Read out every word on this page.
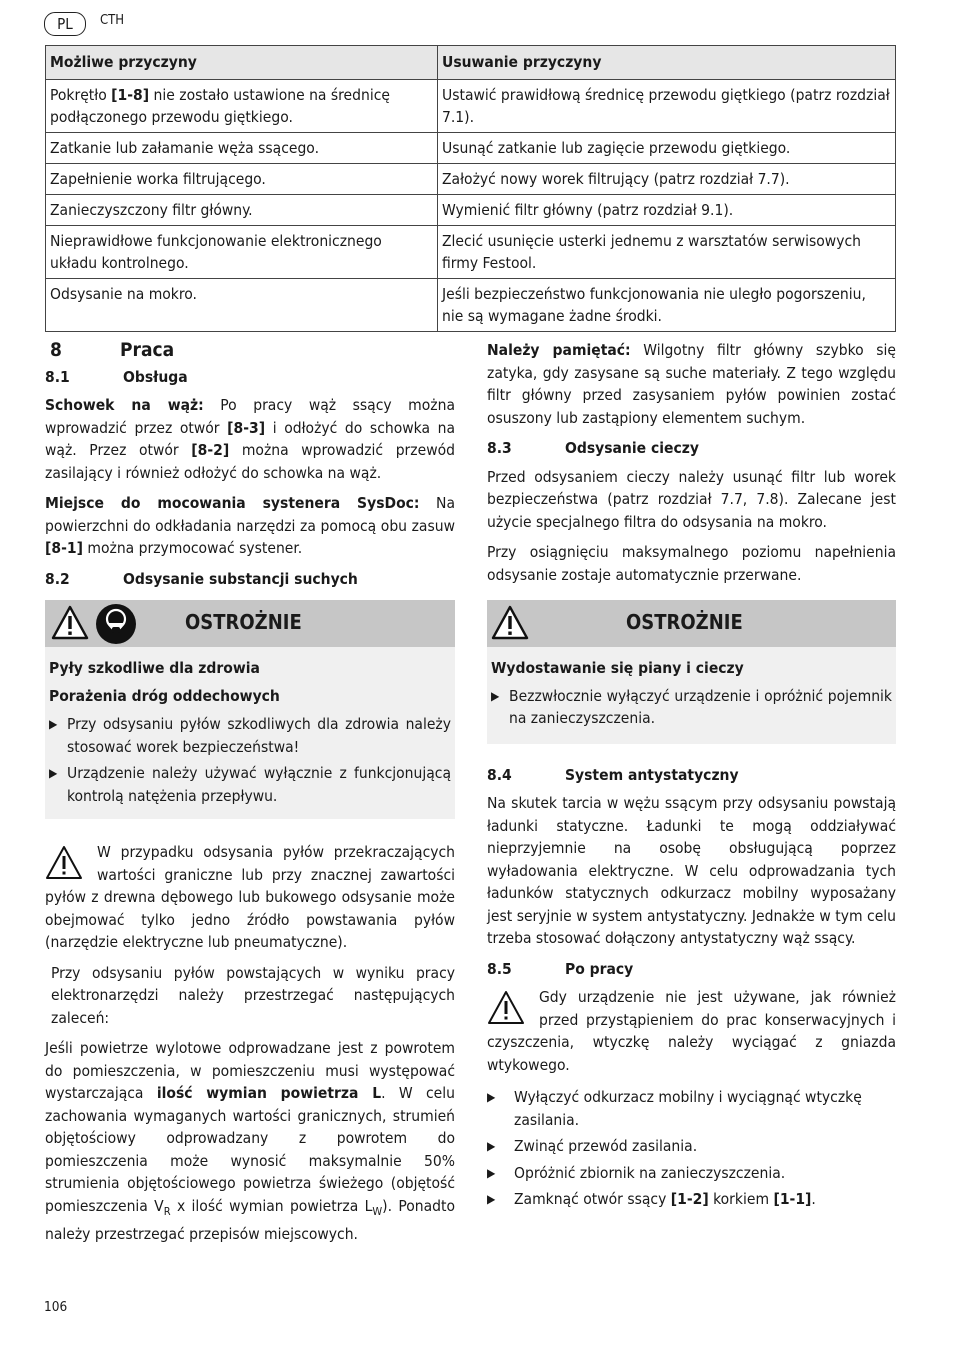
PL	CTH
Możliwe przyczyny	Usuwanie przyczyny
Pokrętło [1-8] nie zostało ustawione na średnicę podłączonego przewodu giętkiego.	Ustawić prawidłową średnicę przewodu giętkiego (patrz rozdział 7.1).
Zatkanie lub załamanie węża ssącego.	Usunąć zatkanie lub zagięcie przewodu giętkiego.
Zapełnienie worka filtrującego.	Założyć nowy worek filtrujący (patrz rozdział 7.7).
Zanieczyszczony filtr główny.	Wymienić filtr główny (patrz rozdział 9.1).
Nieprawidłowe funkcjonowanie elektronicznego układu kontrolnego.	Zlecić usunięcie usterki jednemu z warsztatów serwisowych firmy Festool.
Odsysanie na mokro.	Jeśli bezpieczeństwo funkcjonowania nie uległo pogorszeniu, nie są wymagane żadne środki.
8	Praca
8.1	Obsługa

Schowek na wąż: Po pracy wąż ssący można wprowadzić przez otwór [8-3] i odłożyć do schowka na wąż. Przez otwór [8-2] można wprowadzić przewód zasilający i również odłożyć do schowka na wąż.

Miejsce do mocowania systenera SysDoc: Na powierzchni do odkładania narzędzi za pomocą obu zasuw [8-1] można przymocować systener.

8.2	Odsysanie substancji suchych
OSTROŻNIE
Pyły szkodliwe dla zdrowia
Porażenia dróg oddechowych
▶ Przy odsysaniu pyłów szkodliwych dla zdrowia należy stosować worek bezpieczeństwa!
▶ Urządzenie należy używać wyłącznie z funkcjonującą kontrolą natężenia przepływu.

W przypadku odsysania pyłów przekraczających wartości graniczne lub przy znacznej zawartości pyłów z drewna dębowego lub bukowego odsysanie może obejmować tylko jedno źródło powstawania pyłów (narzędzie elektryczne lub pneumatyczne).

Przy odsysaniu pyłów powstających w wyniku pracy elektronarzędzi należy przestrzegać następujących zaleceń:

Jeśli powietrze wylotowe odprowadzane jest z powrotem do pomieszczenia, w pomieszczeniu musi występować wystarczająca ilość wymian powietrza L. W celu zachowania wymaganych wartości granicznych, strumień objętościowy odprowadzany z powrotem do pomieszczenia może wynosić maksymalnie 50% strumienia objętościowego powietrza świeżego (objętość pomieszczenia $V_R$ x ilość wymian powietrza $L_W$). Ponadto należy przestrzegać przepisów miejscowych.

Należy pamiętać: Wilgotny filtr główny szybko się zatyka, gdy zasysane są suche materiały. Z tego względu filtr główny przed zasysaniem pyłów powinien zostać osuszony lub zastąpiony elementem suchym.

8.3	Odsysanie cieczy

Przed odsysaniem cieczy należy usunąć filtr lub worek bezpieczeństwa (patrz rozdział 7.7, 7.8). Zalecane jest użycie specjalnego filtra do odsysania na mokro.

Przy osiągnięciu maksymalnego poziomu napełnienia odsysanie zostaje automatycznie przerwane.

OSTROŻNIE
Wydostawanie się piany i cieczy
▶ Bezzwłocznie wyłączyć urządzenie i opróżnić pojemnik na zanieczyszczenia.
8.4	System antystatyczny

Na skutek tarcia w wężu ssącym przy odsysaniu powstają ładunki statyczne. Ładunki te mogą oddziaływać nieprzyjemnie na osobę obsługującą poprzez wyładowania elektryczne. W celu odprowadzania tych ładunków statycznych odkurzacz mobilny wyposażany jest seryjnie w system antystatyczny. Jednakże w tym celu trzeba stosować dołączony antystatyczny wąż ssący.

8.5	Po pracy

Gdy urządzenie nie jest używane, jak również przed przystąpieniem do prac konserwacyjnych i czyszczenia, wtyczkę należy wyciągać z gniazda wtykowego.

▶	Wyłączyć odkurzacz mobilny i wyciągnąć wtyczkę zasilania.
▶	Zwinąć przewód zasilania.
▶	Opróżnić zbiornik na zanieczyszczenia.
▶	Zamknąć otwór ssący [1-2] korkiem [1-1].
106
